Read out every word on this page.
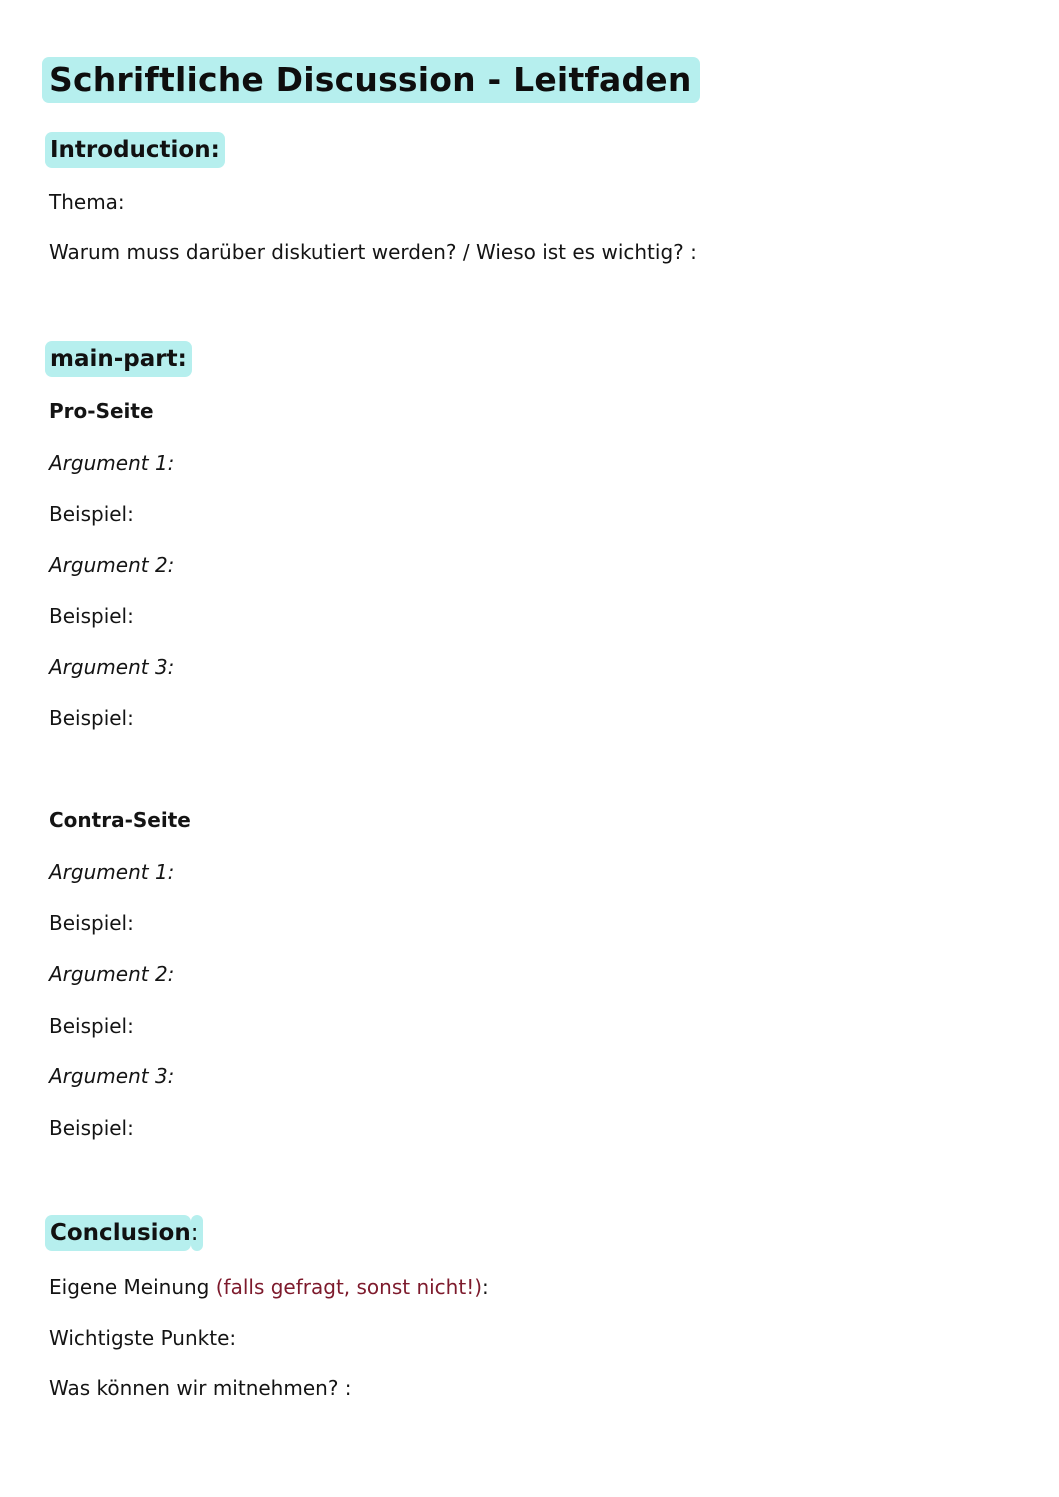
Schriftliche Discussion - Leitfaden
Introduction:
Thema:
Warum muss darüber diskutiert werden? / Wieso ist es wichtig? :
main-part:
Pro-Seite
Argument 1:
Beispiel:
Argument 2:
Beispiel:
Argument 3:
Beispiel:
Contra-Seite
Argument 1:
Beispiel:
Argument 2:
Beispiel:
Argument 3:
Beispiel:
Conclusion:
Eigene Meinung (falls gefragt, sonst nicht!):
Wichtigste Punkte:
Was können wir mitnehmen? :
